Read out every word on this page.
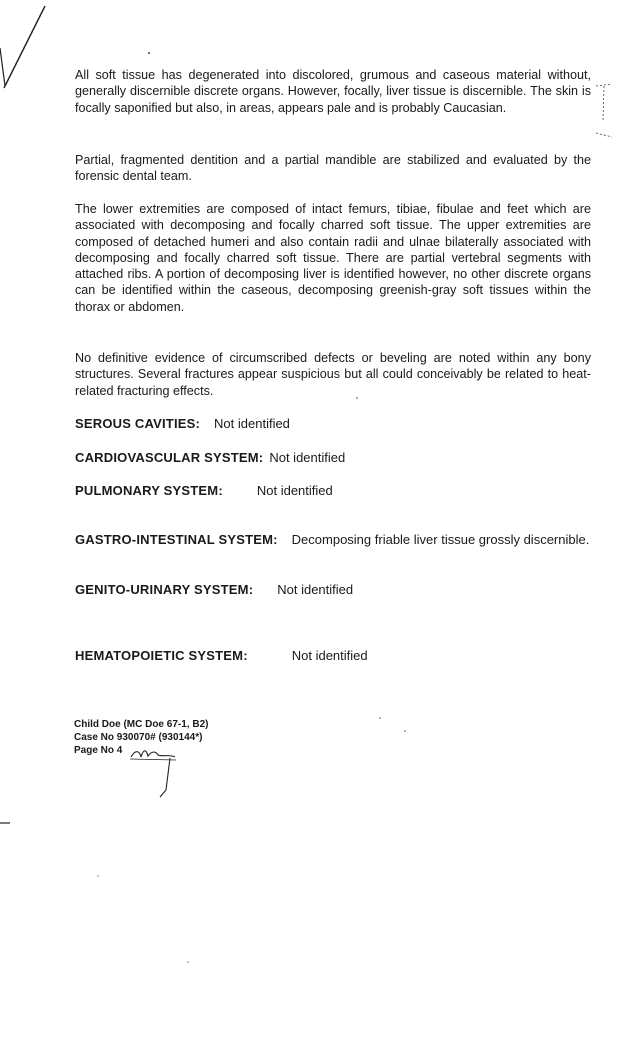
All soft tissue has degenerated into discolored, grumous and caseous material without, generally discernible discrete organs. However, focally, liver tissue is discernible. The skin is focally saponified but also, in areas, appears pale and is probably Caucasian.

Partial, fragmented dentition and a partial mandible are stabilized and evaluated by the forensic dental team.

The lower extremities are composed of intact femurs, tibiae, fibulae and feet which are associated with decomposing and focally charred soft tissue. The upper extremities are composed of detached humeri and also contain radii and ulnae bilaterally associated with decomposing and focally charred soft tissue. There are partial vertebral segments with attached ribs. A portion of decomposing liver is identified however, no other discrete organs can be identified within the caseous, decomposing greenish-gray soft tissues within the thorax or abdomen.

No definitive evidence of circumscribed defects or beveling are noted within any bony structures. Several fractures appear suspicious but all could conceivably be related to heat-related fracturing effects.

SEROUS CAVITIES: Not identified
CARDIOVASCULAR SYSTEM: Not identified
PULMONARY SYSTEM:	Not identified
GASTRO-INTESTINAL SYSTEM: Decomposing friable liver tissue grossly discernible.
GENITO-URINARY SYSTEM: Not identified
HEMATOPOIETIC SYSTEM:	Not identified
Child Doe (MC Doe 67-1, B2)
Case No 930070# (930144*)
Page No 4
